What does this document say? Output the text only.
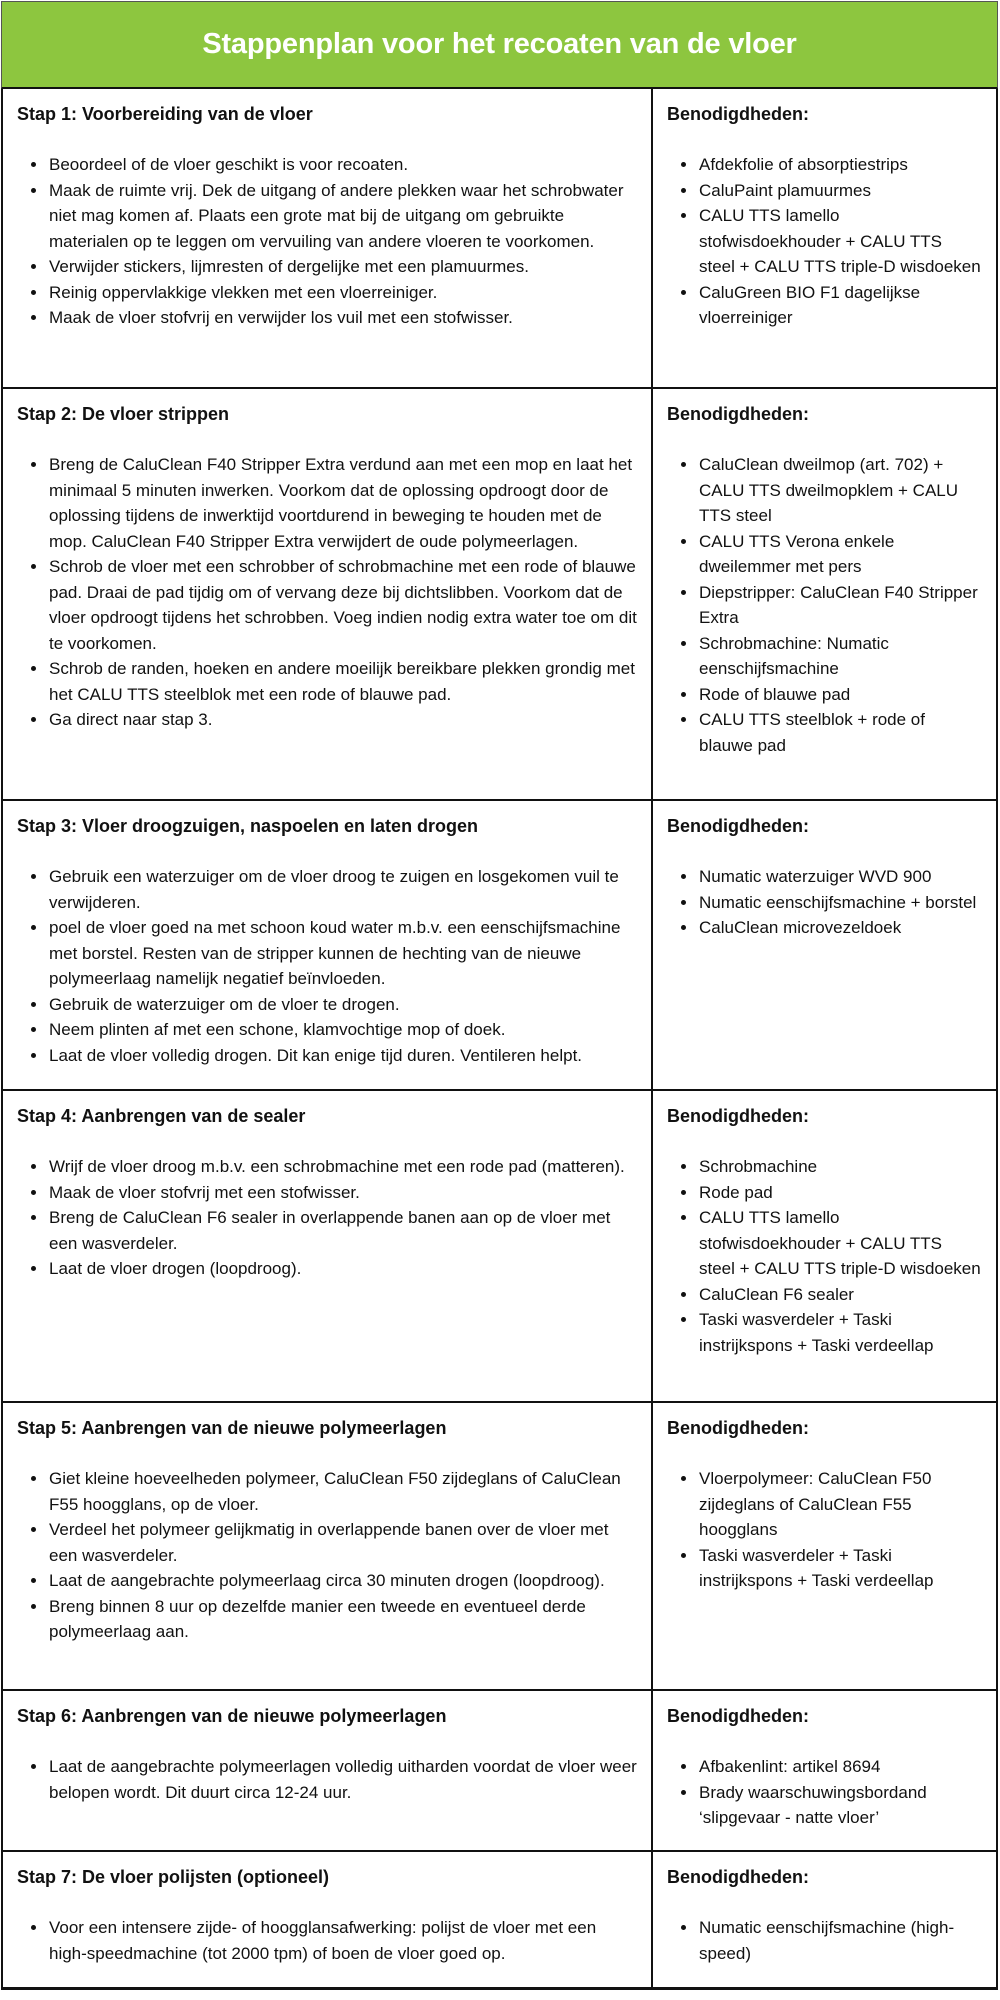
Stappenplan voor het recoaten van de vloer

Stap 1: Voorbereiding van de vloer

• Beoordeel of de vloer geschikt is voor recoaten.
• Maak de ruimte vrij. Dek de uitgang of andere plekken waar het schrobwater niet mag komen af. Plaats een grote mat bij de uitgang om gebruikte materialen op te leggen om vervuiling van andere vloeren te voorkomen.
• Verwijder stickers, lijmresten of dergelijke met een plamuurmes.
• Reinig oppervlakkige vlekken met een vloerreiniger.
• Maak de vloer stofvrij en verwijder los vuil met een stofwisser.

Benodigdheden:

• Afdekfolie of absorptiestrips
• CaluPaint plamuurmes
• CALU TTS lamello stofwisdoekhouder + CALU TTS steel + CALU TTS triple-D wisdoeken
• CaluGreen BIO F1 dagelijkse vloerreiniger

Stap 2: De vloer strippen

• Breng de CaluClean F40 Stripper Extra verdund aan met een mop en laat het minimaal 5 minuten inwerken. Voorkom dat de oplossing opdroogt door de oplossing tijdens de inwerktijd voortdurend in beweging te houden met de mop. CaluClean F40 Stripper Extra verwijdert de oude polymeerlagen.
• Schrob de vloer met een schrobber of schrobmachine met een rode of blauwe pad. Draai de pad tijdig om of vervang deze bij dichtslibben. Voorkom dat de vloer opdroogt tijdens het schrobben. Voeg indien nodig extra water toe om dit te voorkomen.
• Schrob de randen, hoeken en andere moeilijk bereikbare plekken grondig met het CALU TTS steelblok met een rode of blauwe pad.
• Ga direct naar stap 3.

Benodigdheden:

• CaluClean dweilmop (art. 702) + CALU TTS dweilmopklem + CALU TTS steel
• CALU TTS Verona enkele dweilemmer met pers
• Diepstripper: CaluClean F40 Stripper Extra
• Schrobmachine: Numatic eenschijfsmachine
• Rode of blauwe pad
• CALU TTS steelblok + rode of blauwe pad

Stap 3: Vloer droogzuigen, naspoelen en laten drogen

• Gebruik een waterzuiger om de vloer droog te zuigen en losgekomen vuil te verwijderen.
• poel de vloer goed na met schoon koud water m.b.v. een eenschijfsmachine met borstel. Resten van de stripper kunnen de hechting van de nieuwe polymeerlaag namelijk negatief beïnvloeden.
• Gebruik de waterzuiger om de vloer te drogen.
• Neem plinten af met een schone, klamvochtige mop of doek.
• Laat de vloer volledig drogen. Dit kan enige tijd duren. Ventileren helpt.

Benodigdheden:

• Numatic waterzuiger WVD 900
• Numatic eenschijfsmachine + borstel
• CaluClean microvezeldoek

Stap 4: Aanbrengen van de sealer

• Wrijf de vloer droog m.b.v. een schrobmachine met een rode pad (matteren).
• Maak de vloer stofvrij met een stofwisser.
• Breng de CaluClean F6 sealer in overlappende banen aan op de vloer met een wasverdeler.
• Laat de vloer drogen (loopdroog).

Benodigdheden:

• Schrobmachine
• Rode pad
• CALU TTS lamello stofwisdoekhouder + CALU TTS steel + CALU TTS triple-D wisdoeken
• CaluClean F6 sealer
• Taski wasverdeler + Taski instrijkspons + Taski verdeellap

Stap 5: Aanbrengen van de nieuwe polymeerlagen

• Giet kleine hoeveelheden polymeer, CaluClean F50 zijdeglans of CaluClean F55 hoogglans, op de vloer.
• Verdeel het polymeer gelijkmatig in overlappende banen over de vloer met een wasverdeler.
• Laat de aangebrachte polymeerlaag circa 30 minuten drogen (loopdroog).
• Breng binnen 8 uur op dezelfde manier een tweede en eventueel derde polymeerlaag aan.

Benodigdheden:

• Vloerpolymeer: CaluClean F50 zijdeglans of CaluClean F55 hoogglans
• Taski wasverdeler + Taski instrijkspons + Taski verdeellap

Stap 6: Aanbrengen van de nieuwe polymeerlagen

• Laat de aangebrachte polymeerlagen volledig uitharden voordat de vloer weer belopen wordt. Dit duurt circa 12-24 uur.

Benodigdheden:

• Afbakenlint: artikel 8694
• Brady waarschuwingsbordand ‘slipgevaar - natte vloer’

Stap 7: De vloer polijsten (optioneel)

• Voor een intensere zijde- of hoogglansafwerking: polijst de vloer met een high-speedmachine (tot 2000 tpm) of boen de vloer goed op.

Benodigdheden:

• Numatic eenschijfsmachine (high-speed)
